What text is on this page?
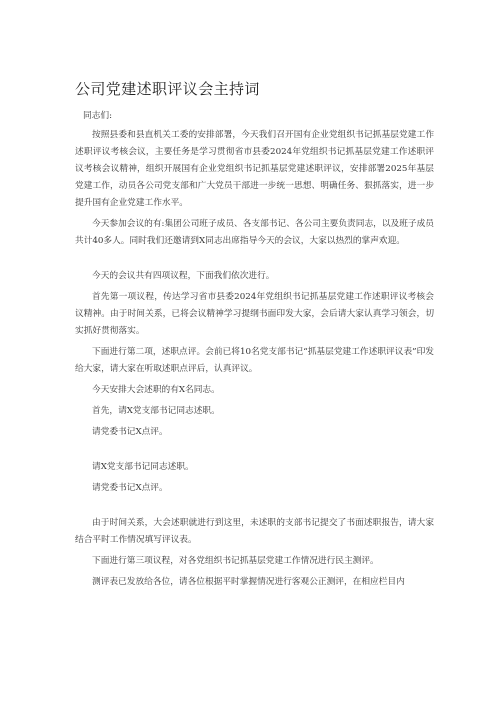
公司党建述职评议会主持词

同志们:

按照县委和县直机关工委的安排部署，今天我们召开国有企业党组织书记抓基层党建工作述职评议考核会议，主要任务是学习贯彻省市县委2024年党组织书记抓基层党建工作述职评议考核会议精神，组织开展国有企业党组织书记抓基层党建述职评议，安排部署2025年基层党建工作，动员各公司党支部和广大党员干部进一步统一思想、明确任务、狠抓落实，进一步提升国有企业党建工作水平。

今天参加会议的有:集团公司班子成员、各支部书记、各公司主要负责同志，以及班子成员共计40多人。同时我们还邀请到X同志出席指导今天的会议，大家以热烈的掌声欢迎。

今天的会议共有四项议程，下面我们依次进行。

首先第一项议程，传达学习省市县委2024年党组织书记抓基层党建工作述职评议考核会议精神。由于时间关系，已将会议精神学习提纲书面印发大家，会后请大家认真学习领会，切实抓好贯彻落实。

下面进行第二项，述职点评。会前已将10名党支部书记“抓基层党建工作述职评议表”印发给大家，请大家在听取述职点评后，认真评议。

今天安排大会述职的有X名同志。

首先，请X党支部书记同志述职。

请党委书记X点评。

请X党支部书记同志述职。

请党委书记X点评。

由于时间关系，大会述职就进行到这里，未述职的支部书记提交了书面述职报告，请大家结合平时工作情况填写评议表。

下面进行第三项议程，对各党组织书记抓基层党建工作情况进行民主测评。

测评表已发放给各位，请各位根据平时掌握情况进行客观公正测评，在相应栏目内
